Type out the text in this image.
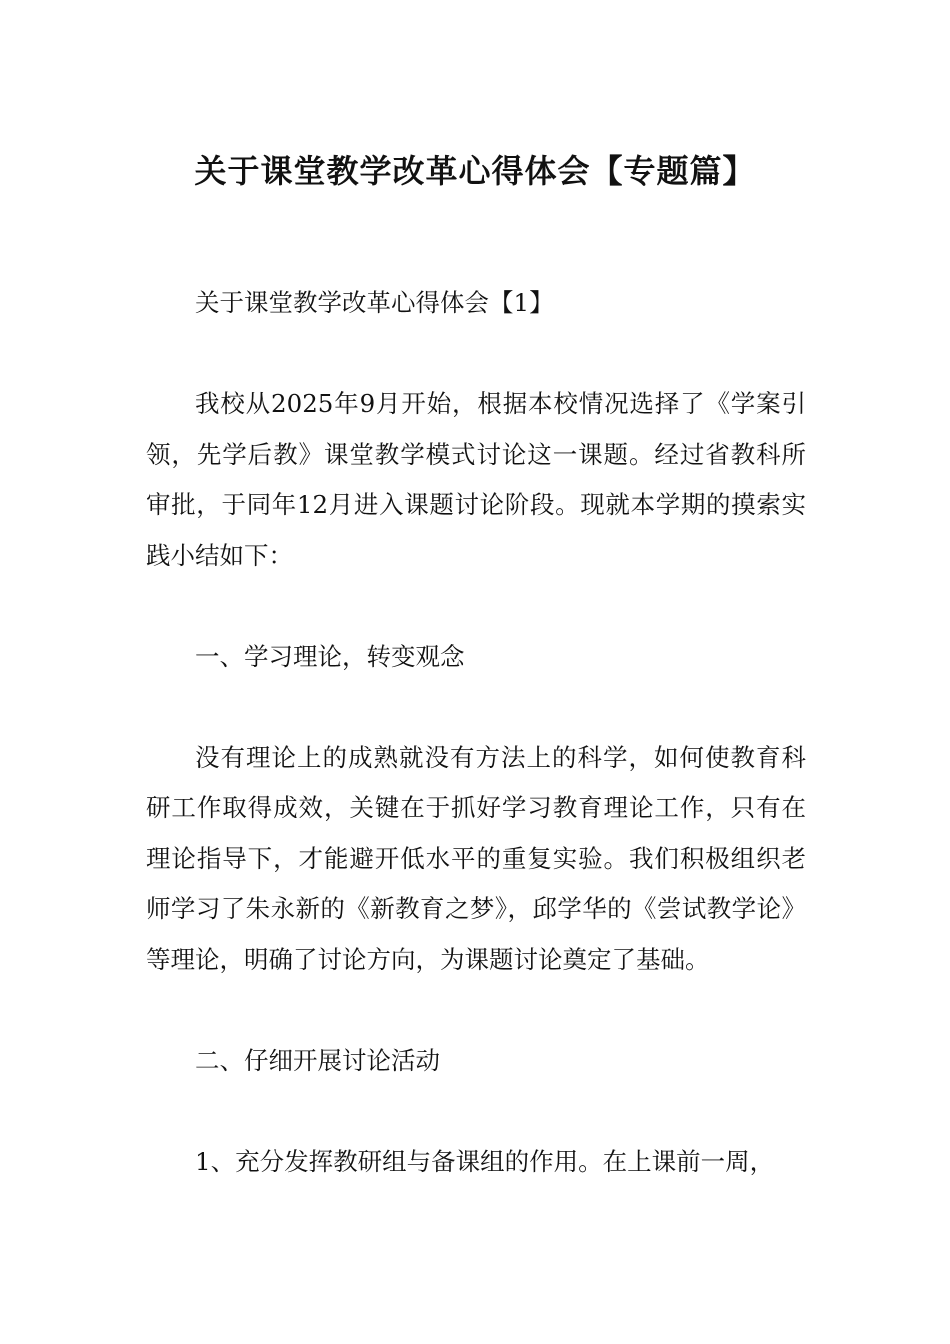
关于课堂教学改革心得体会【专题篇】

关于课堂教学改革心得体会【1】

我校从2025年9月开始，根据本校情况选择了《学案引领，先学后教》课堂教学模式讨论这一课题。经过省教科所审批，于同年12月进入课题讨论阶段。现就本学期的摸索实践小结如下：

一、学习理论，转变观念

没有理论上的成熟就没有方法上的科学，如何使教育科研工作取得成效，关键在于抓好学习教育理论工作，只有在理论指导下，才能避开低水平的重复实验。我们积极组织老师学习了朱永新的《新教育之梦》，邱学华的《尝试教学论》等理论，明确了讨论方向，为课题讨论奠定了基础。

二、仔细开展讨论活动

1、充分发挥教研组与备课组的作用。在上课前一周，
